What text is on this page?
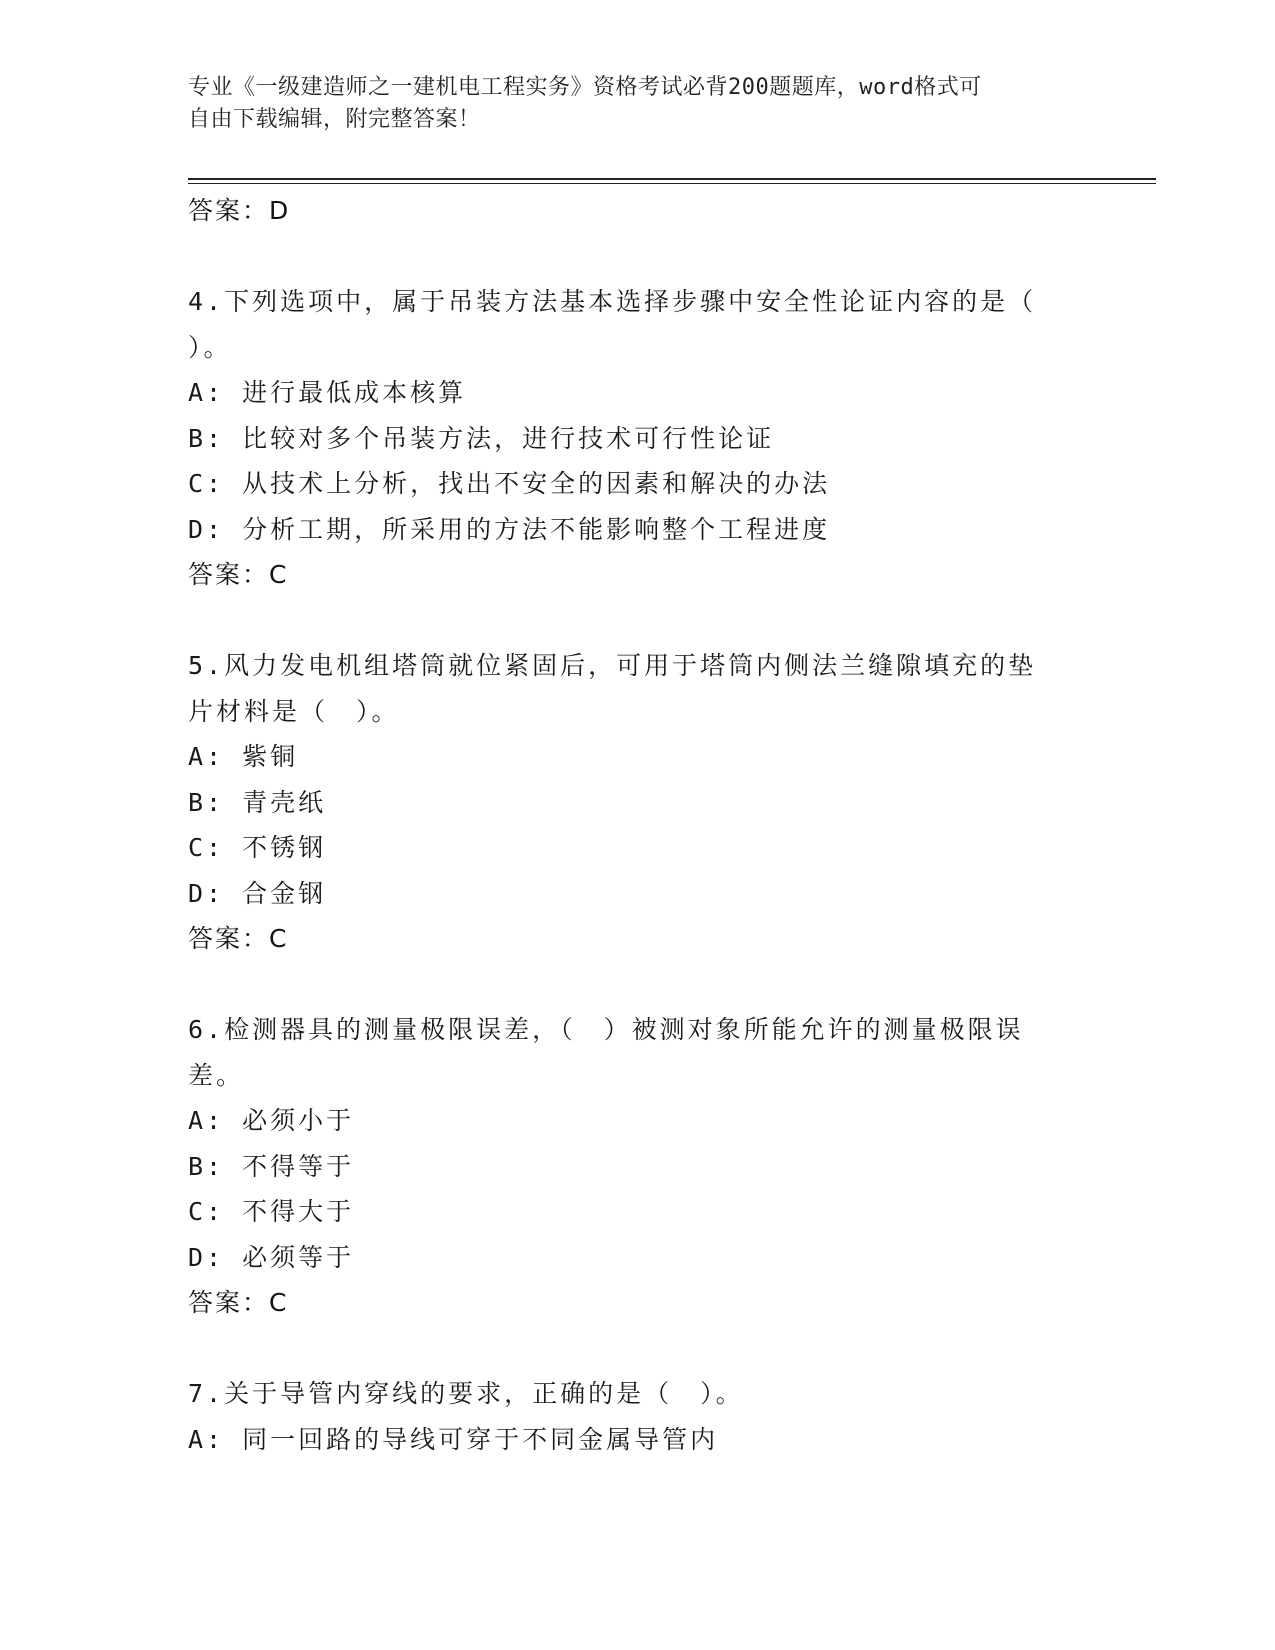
专业《一级建造师之一建机电工程实务》资格考试必背200题题库，word格式可
自由下载编辑，附完整答案！
答案：D
4.下列选项中，属于吊装方法基本选择步骤中安全性论证内容的是（
）。
A: 进行最低成本核算
B: 比较对多个吊装方法，进行技术可行性论证
C: 从技术上分析，找出不安全的因素和解决的办法
D: 分析工期，所采用的方法不能影响整个工程进度
答案：C
5.风力发电机组塔筒就位紧固后，可用于塔筒内侧法兰缝隙填充的垫
片材料是（　）。
A: 紫铜
B: 青壳纸
C: 不锈钢
D: 合金钢
答案：C
6.检测器具的测量极限误差，（　）被测对象所能允许的测量极限误
差。
A: 必须小于
B: 不得等于
C: 不得大于
D: 必须等于
答案：C
7.关于导管内穿线的要求，正确的是（　）。
A: 同一回路的导线可穿于不同金属导管内
